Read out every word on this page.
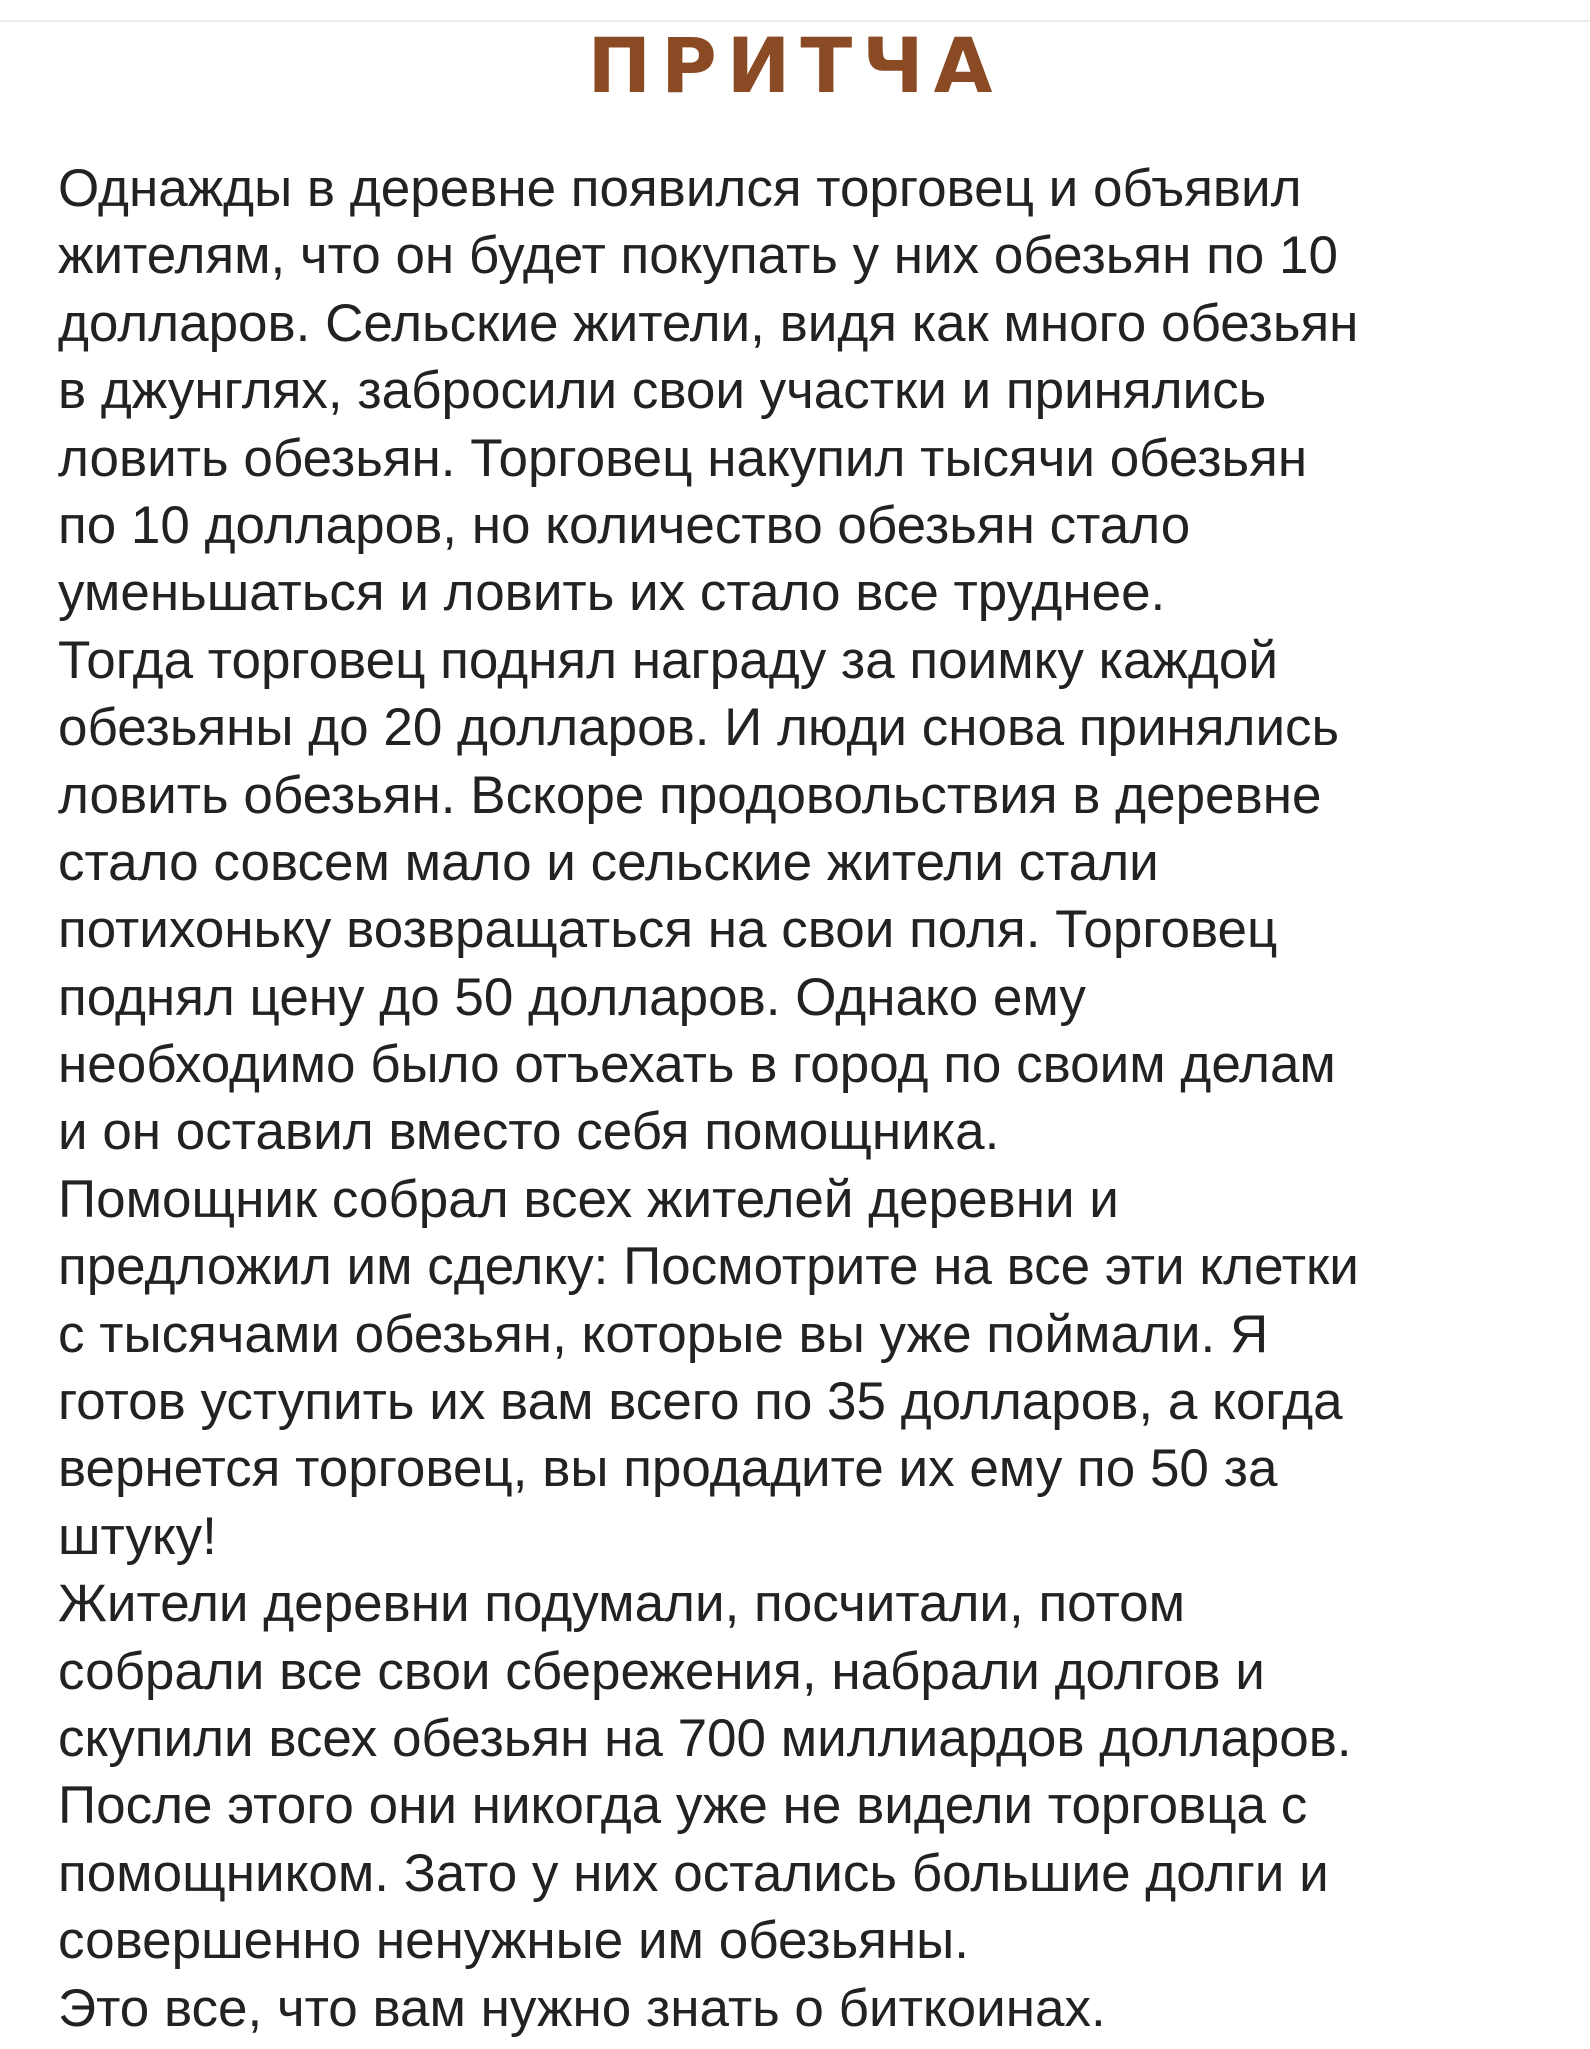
ПРИТЧА
Однажды в деревне появился торговец и объявил
жителям, что он будет покупать у них обезьян по 10
долларов. Сельские жители, видя как много обезьян
в джунглях, забросили свои участки и принялись
ловить обезьян. Торговец накупил тысячи обезьян
по 10 долларов, но количество обезьян стало
уменьшаться и ловить их стало все труднее.
Тогда торговец поднял награду за поимку каждой
обезьяны до 20 долларов. И люди снова принялись
ловить обезьян. Вскоре продовольствия в деревне
стало совсем мало и сельские жители стали
потихоньку возвращаться на свои поля. Торговец
поднял цену до 50 долларов. Однако ему
необходимо было отъехать в город по своим делам
и он оставил вместо себя помощника.
Помощник собрал всех жителей деревни и
предложил им сделку: Посмотрите на все эти клетки
с тысячами обезьян, которые вы уже поймали. Я
готов уступить их вам всего по 35 долларов, а когда
вернется торговец, вы продадите их ему по 50 за
штуку!
Жители деревни подумали, посчитали, потом
собрали все свои сбережения, набрали долгов и
скупили всех обезьян на 700 миллиардов долларов.
После этого они никогда уже не видели торговца с
помощником. Зато у них остались большие долги и
совершенно ненужные им обезьяны.
Это все, что вам нужно знать о биткоинах.
